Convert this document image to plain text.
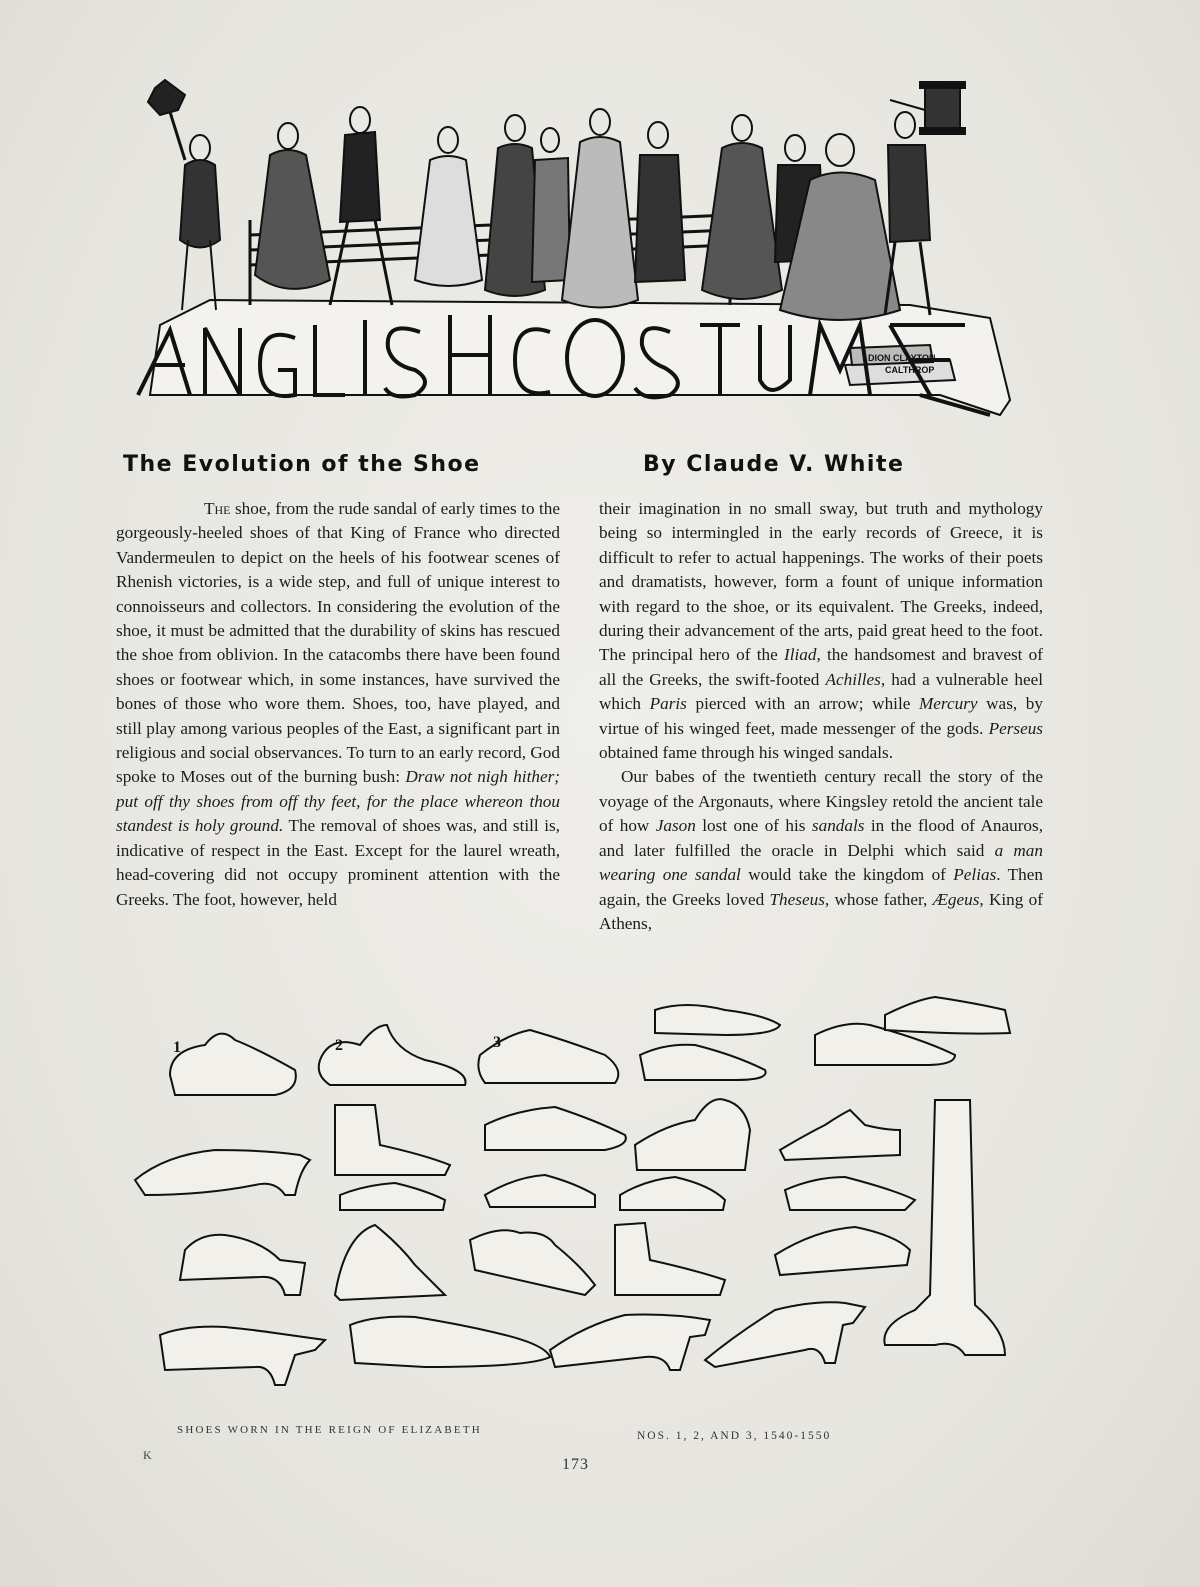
DION CLAYTON
CALTHROP
The Evolution of the Shoe	By Claude V. White

The shoe, from the rude sandal of early times to the gorgeously-heeled shoes of that King of France who directed Vandermeulen to depict on the heels of his footwear scenes of Rhenish victories, is a wide step, and full of unique interest to connoisseurs and collectors. In considering the evolution of the shoe, it must be admitted that the durability of skins has rescued the shoe from oblivion. In the catacombs there have been found shoes or footwear which, in some instances, have survived the bones of those who wore them. Shoes, too, have played, and still play among various peoples of the East, a significant part in religious and social observances. To turn to an early record, God spoke to Moses out of the burning bush: Draw not nigh hither; put off thy shoes from off thy feet, for the place whereon thou standest is holy ground. The removal of shoes was, and still is, indicative of respect in the East. Except for the laurel wreath, head-covering did not occupy prominent attention with the Greeks. The foot, however, held

their imagination in no small sway, but truth and mythology being so intermingled in the early records of Greece, it is difficult to refer to actual happenings. The works of their poets and dramatists, however, form a fount of unique information with regard to the shoe, or its equivalent. The Greeks, indeed, during their advancement of the arts, paid great heed to the foot. The principal hero of the Iliad, the handsomest and bravest of all the Greeks, the swift-footed Achilles, had a vulnerable heel which Paris pierced with an arrow; while Mercury was, by virtue of his winged feet, made messenger of the gods. Perseus obtained fame through his winged sandals.

Our babes of the twentieth century recall the story of the voyage of the Argonauts, where Kingsley retold the ancient tale of how Jason lost one of his sandals in the flood of Anauros, and later fulfilled the oracle in Delphi which said a man wearing one sandal would take the kingdom of Pelias. Then again, the Greeks loved Theseus, whose father, Ægeus, King of Athens,

1	2	3
SHOES WORN IN THE REIGN OF ELIZABETH	NOS. 1, 2, AND 3, 1540-1550
K
173
